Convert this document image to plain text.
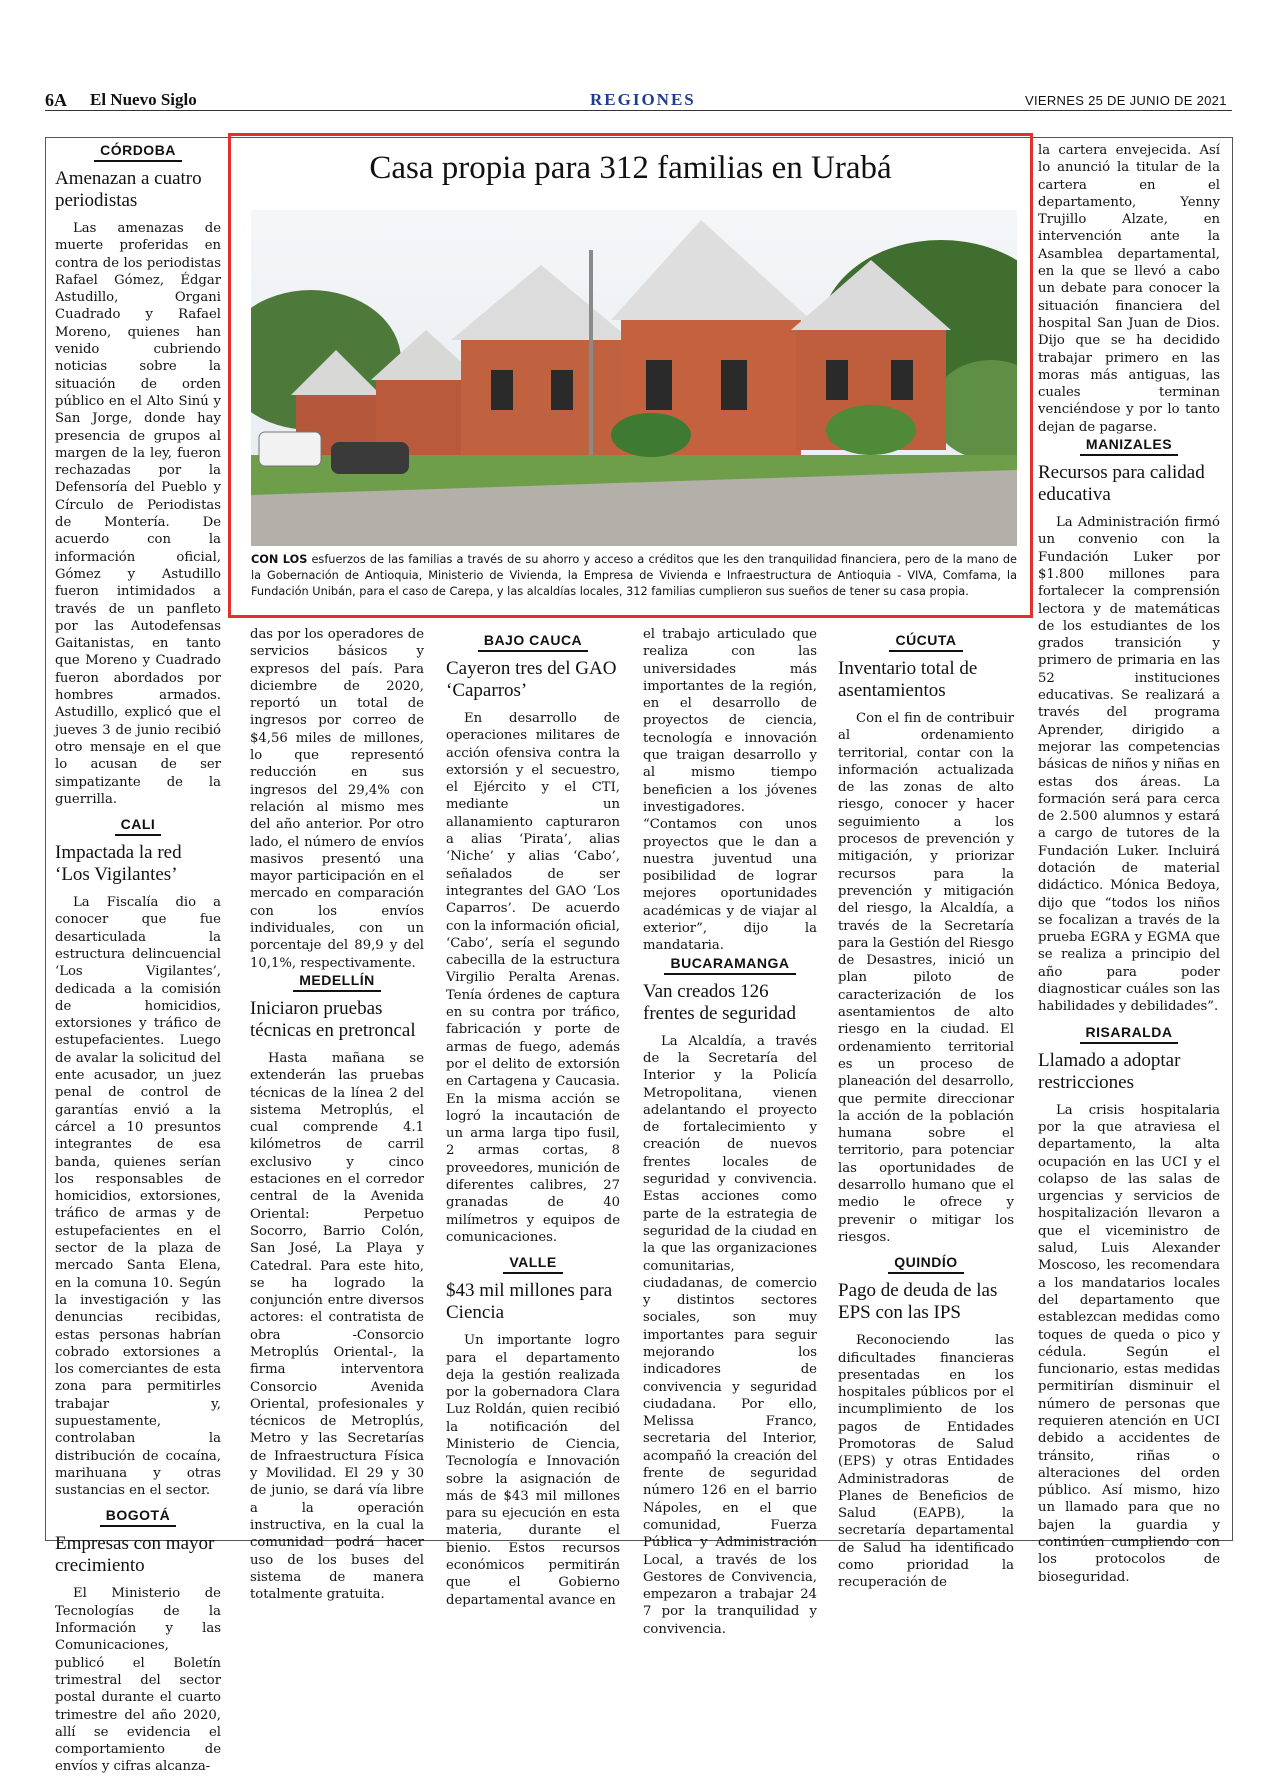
6A El Nuevo Siglo	REGIONES	VIERNES 25 DE JUNIO DE 2021
Casa propia para 312 familias en Urabá
CON LOS esfuerzos de las familias a través de su ahorro y acceso a créditos que les den tranquilidad financiera, pero de la mano de la Gobernación de Antioquia, Ministerio de Vivienda, la Empresa de Vivienda e Infraestructura de Antioquia - VIVA, Comfama, la Fundación Unibán, para el caso de Carepa, y las alcaldías locales, 312 familias cumplieron sus sueños de tener su casa propia.
CÓRDOBA
Amenazan a cuatro periodistas

Las amenazas de muerte proferidas en contra de los periodistas Rafael Gómez, Édgar Astudillo, Organi Cuadrado y Rafael Moreno, quienes han venido cubriendo noticias sobre la situación de orden público en el Alto Sinú y San Jorge, donde hay presencia de grupos al margen de la ley, fueron rechazadas por la Defensoría del Pueblo y Círculo de Periodistas de Montería. De acuerdo con la información oficial, Gómez y Astudillo fueron intimidados a través de un panfleto por las Autodefensas Gaitanistas, en tanto que Moreno y Cuadrado fueron abordados por hombres armados. Astudillo, explicó que el jueves 3 de junio recibió otro mensaje en el que lo acusan de ser simpatizante de la guerrilla.

CALI
Impactada la red ‘Los Vigilantes’

La Fiscalía dio a conocer que fue desarticulada la estructura delincuencial ‘Los Vigilantes’, dedicada a la comisión de homicidios, extorsiones y tráfico de estupefacientes. Luego de avalar la solicitud del ente acusador, un juez penal de control de garantías envió a la cárcel a 10 presuntos integrantes de esa banda, quienes serían los responsables de homicidios, extorsiones, tráfico de armas y de estupefacientes en el sector de la plaza de mercado Santa Elena, en la comuna 10. Según la investigación y las denuncias recibidas, estas personas habrían cobrado extorsiones a los comerciantes de esta zona para permitirles trabajar y, supuestamente, controlaban la distribución de cocaína, marihuana y otras sustancias en el sector.

BOGOTÁ
Empresas con mayor crecimiento

El Ministerio de Tecnologías de la Información y las Comunicaciones, publicó el Boletín trimestral del sector postal durante el cuarto trimestre del año 2020, allí se evidencia el comportamiento de envíos y cifras alcanza-

das por los operadores de servicios básicos y expresos del país. Para diciembre de 2020, reportó un total de ingresos por correo de $4,56 miles de millones, lo que representó reducción en sus ingresos del 29,4% con relación al mismo mes del año anterior. Por otro lado, el número de envíos masivos presentó una mayor participación en el mercado en comparación con los envíos individuales, con un porcentaje del 89,9 y del 10,1%, respectivamente.

MEDELLÍN
Iniciaron pruebas técnicas en pretroncal

Hasta mañana se extenderán las pruebas técnicas de la línea 2 del sistema Metroplús, el cual comprende 4.1 kilómetros de carril exclusivo y cinco estaciones en el corredor central de la Avenida Oriental: Perpetuo Socorro, Barrio Colón, San José, La Playa y Catedral. Para este hito, se ha logrado la conjunción entre diversos actores: el contratista de obra -Consorcio Metroplús Oriental-, la firma interventora Consorcio Avenida Oriental, profesionales y técnicos de Metroplús, Metro y las Secretarías de Infraestructura Física y Movilidad. El 29 y 30 de junio, se dará vía libre a la operación instructiva, en la cual la comunidad podrá hacer uso de los buses del sistema de manera totalmente gratuita.

BAJO CAUCA
Cayeron tres del GAO ‘Caparros’

En desarrollo de operaciones militares de acción ofensiva contra la extorsión y el secuestro, el Ejército y el CTI, mediante un allanamiento capturaron a alias ‘Pirata’, alias ‘Niche’ y alias ‘Cabo’, señalados de ser integrantes del GAO ‘Los Caparros’. De acuerdo con la información oficial, ‘Cabo’, sería el segundo cabecilla de la estructura Virgilio Peralta Arenas. Tenía órdenes de captura en su contra por tráfico, fabricación y porte de armas de fuego, además por el delito de extorsión en Cartagena y Caucasia. En la misma acción se logró la incautación de un arma larga tipo fusil, 2 armas cortas, 8 proveedores, munición de diferentes calibres, 27 granadas de 40 milímetros y equipos de comunicaciones.

VALLE
$43 mil millones para Ciencia

Un importante logro para el departamento deja la gestión realizada por la gobernadora Clara Luz Roldán, quien recibió la notificación del Ministerio de Ciencia, Tecnología e Innovación sobre la asignación de más de $43 mil millones para su ejecución en esta materia, durante el bienio. Estos recursos económicos permitirán que el Gobierno departamental avance en

el trabajo articulado que realiza con las universidades más importantes de la región, en el desarrollo de proyectos de ciencia, tecnología e innovación que traigan desarrollo y al mismo tiempo beneficien a los jóvenes investigadores. “Contamos con unos proyectos que le dan a nuestra juventud una posibilidad de lograr mejores oportunidades académicas y de viajar al exterior”, dijo la mandataria.

BUCARAMANGA
Van creados 126 frentes de seguridad

La Alcaldía, a través de la Secretaría del Interior y la Policía Metropolitana, vienen adelantando el proyecto de fortalecimiento y creación de nuevos frentes locales de seguridad y convivencia. Estas acciones como parte de la estrategia de seguridad de la ciudad en la que las organizaciones comunitarias, ciudadanas, de comercio y distintos sectores sociales, son muy importantes para seguir mejorando los indicadores de convivencia y seguridad ciudadana. Por ello, Melissa Franco, secretaria del Interior, acompañó la creación del frente de seguridad número 126 en el barrio Nápoles, en el que comunidad, Fuerza Pública y Administración Local, a través de los Gestores de Convivencia, empezaron a trabajar 24 7 por la tranquilidad y convivencia.

CÚCUTA
Inventario total de asentamientos

Con el fin de contribuir al ordenamiento territorial, contar con la información actualizada de las zonas de alto riesgo, conocer y hacer seguimiento a los procesos de prevención y mitigación, y priorizar recursos para la prevención y mitigación del riesgo, la Alcaldía, a través de la Secretaría para la Gestión del Riesgo de Desastres, inició un plan piloto de caracterización de los asentamientos de alto riesgo en la ciudad. El ordenamiento territorial es un proceso de planeación del desarrollo, que permite direccionar la acción de la población humana sobre el territorio, para potenciar las oportunidades de desarrollo humano que el medio le ofrece y prevenir o mitigar los riesgos.

QUINDÍO
Pago de deuda de las EPS con las IPS

Reconociendo las dificultades financieras presentadas en los hospitales públicos por el incumplimiento de los pagos de Entidades Promotoras de Salud (EPS) y otras Entidades Administradoras de Planes de Beneficios de Salud (EAPB), la secretaría departamental de Salud ha identificado como prioridad la recuperación de

la cartera envejecida. Así lo anunció la titular de la cartera en el departamento, Yenny Trujillo Alzate, en intervención ante la Asamblea departamental, en la que se llevó a cabo un debate para conocer la situación financiera del hospital San Juan de Dios. Dijo que se ha decidido trabajar primero en las moras más antiguas, las cuales terminan venciéndose y por lo tanto dejan de pagarse.

MANIZALES
Recursos para calidad educativa

La Administración firmó un convenio con la Fundación Luker por $1.800 millones para fortalecer la comprensión lectora y de matemáticas de los estudiantes de los grados transición y primero de primaria en las 52 instituciones educativas. Se realizará a través del programa Aprender, dirigido a mejorar las competencias básicas de niños y niñas en estas dos áreas. La formación será para cerca de 2.500 alumnos y estará a cargo de tutores de la Fundación Luker. Incluirá dotación de material didáctico. Mónica Bedoya, dijo que “todos los niños se focalizan a través de la prueba EGRA y EGMA que se realiza a principio del año para poder diagnosticar cuáles son las habilidades y debilidades”.

RISARALDA
Llamado a adoptar restricciones

La crisis hospitalaria por la que atraviesa el departamento, la alta ocupación en las UCI y el colapso de las salas de urgencias y servicios de hospitalización llevaron a que el viceministro de salud, Luis Alexander Moscoso, les recomendara a los mandatarios locales del departamento que establezcan medidas como toques de queda o pico y cédula. Según el funcionario, estas medidas permitirían disminuir el número de personas que requieren atención en UCI debido a accidentes de tránsito, riñas o alteraciones del orden público. Así mismo, hizo un llamado para que no bajen la guardia y continúen cumpliendo con los protocolos de bioseguridad.
